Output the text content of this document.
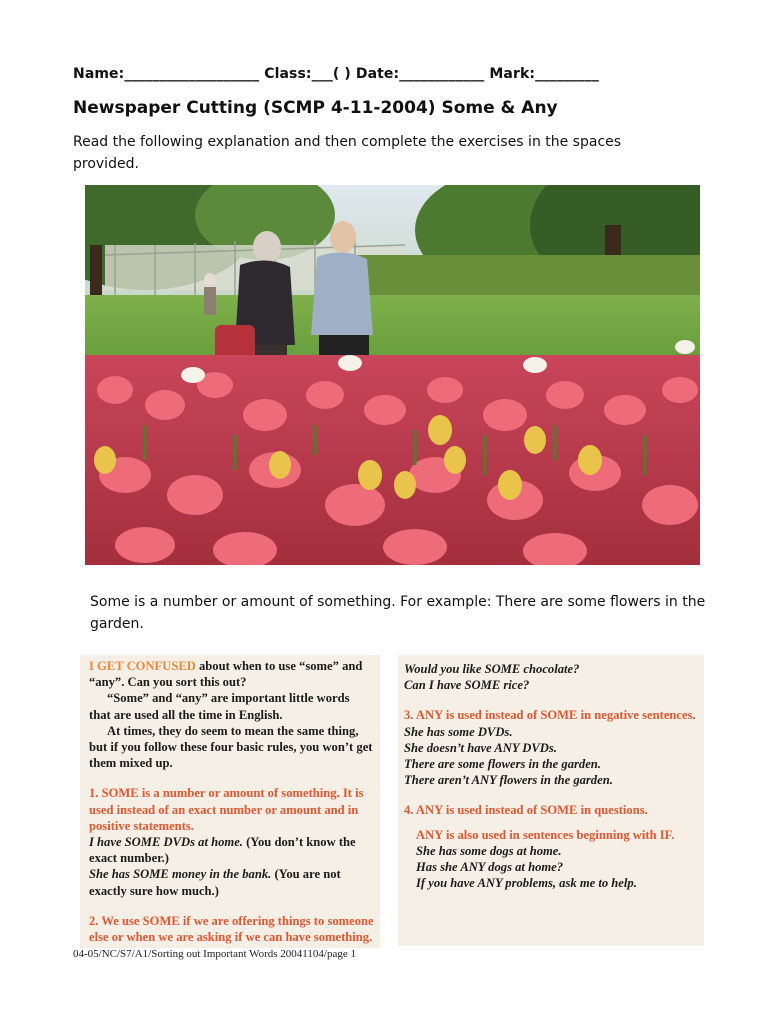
Name:___________________ Class:___( ) Date:____________ Mark:_________
Newspaper Cutting (SCMP 4-11-2004) Some & Any
Read the following explanation and then complete the exercises in the spaces provided.
Some is a number or amount of something. For example: There are some flowers in the garden.

I GET CONFUSED about when to use “some” and “any”. Can you sort this out?

“Some” and “any” are important little words that are used all the time in English.

At times, they do seem to mean the same thing, but if you follow these four basic rules, you won’t get them mixed up.

1. SOME is a number or amount of something. It is used instead of an exact number or amount and in positive statements.

I have SOME DVDs at home. (You don’t know the exact number.)

She has SOME money in the bank. (You are not exactly sure how much.)

2. We use SOME if we are offering things to someone else or when we are asking if we can have something.

Would you like SOME chocolate?

Can I have SOME rice?

3. ANY is used instead of SOME in negative sentences.

She has some DVDs.

She doesn’t have ANY DVDs.

There are some flowers in the garden.

There aren’t ANY flowers in the garden.

4. ANY is used instead of SOME in questions.

ANY is also used in sentences beginning with IF.

She has some dogs at home.

Has she ANY dogs at home?

If you have ANY problems, ask me to help.

04-05/NC/S7/A1/Sorting out Important Words 20041104/page 1
